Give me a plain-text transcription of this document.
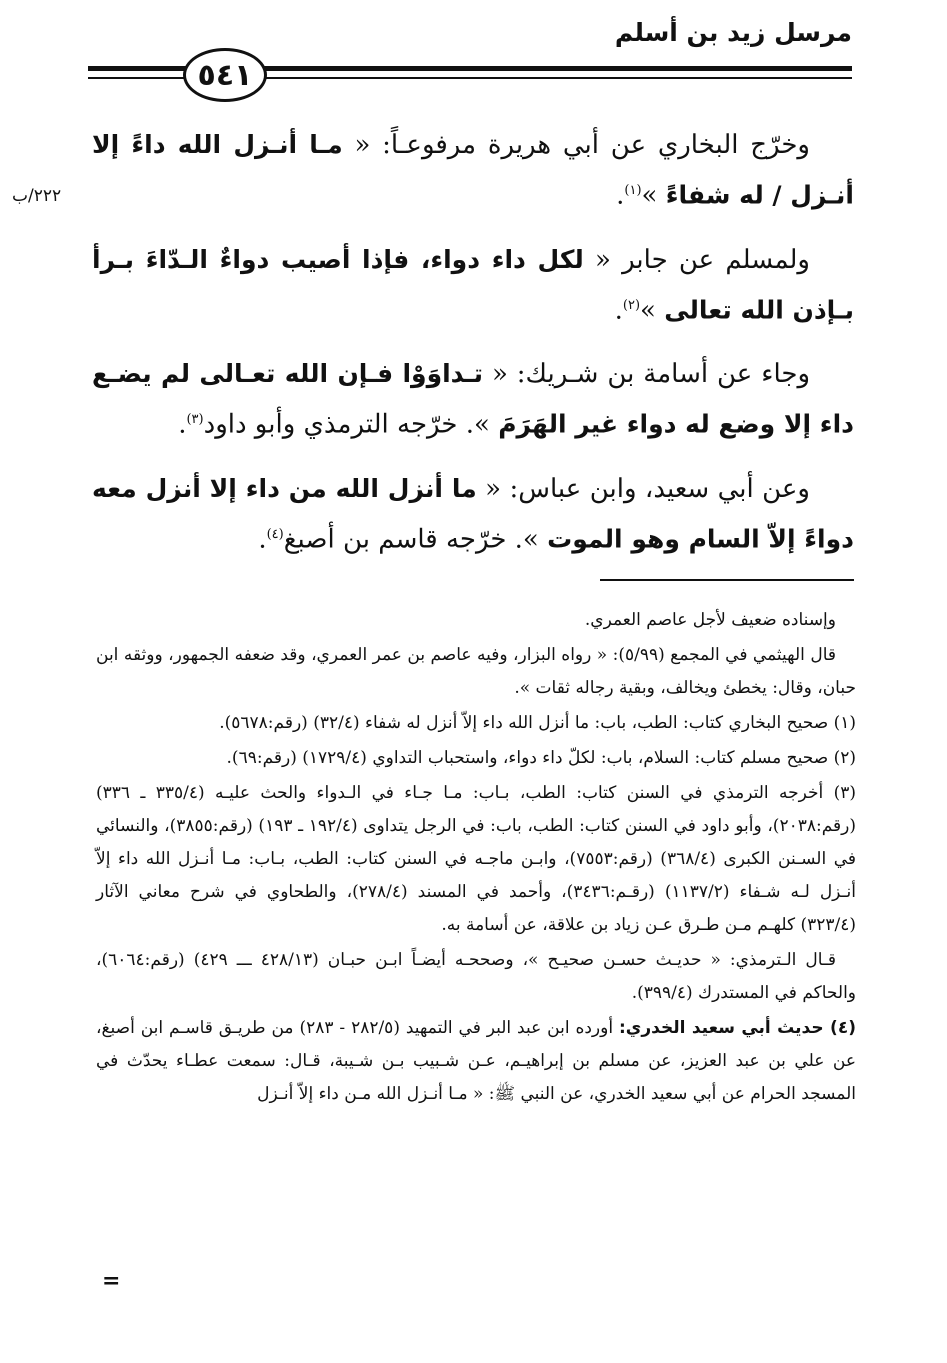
مرسل زيد بن أسلم
٥٤١
٢٢٢/ب

وخرّج البخاري عن أبي هريرة مرفوعـاً: « مـا أنـزل الله داءً إلا أنـزل / له شفاءً »$^{(١)}$.

ولمسلم عن جابر « لكل داء دواء، فإذا أصيب دواءٌ الـدّاءَ بـرأ بـإذن الله تعالى »$^{(٢)}$.

وجاء عن أسامة بن شـريك: « تـداوَوْا فـإن الله تعـالى لم يضـع داء إلا وضع له دواء غير الهَرَمَ ». خرّجه الترمذي وأبو داود$^{(٣)}$.

وعن أبي سعيد، وابن عباس: « ما أنزل الله من داء إلا أنزل معه دواءً إلاّ السام وهو الموت ». خرّجه قاسم بن أصبغ$^{(٤)}$.

وإسناده ضعيف لأجل عاصم العمري.

قال الهيثمي في المجمع (٥/٩٩): « رواه البزار، وفيه عاصم بن عمر العمري، وقد ضعفه الجمهور، ووثقه ابن حبان، وقال: يخطئ ويخالف، وبقية رجاله ثقات ».

(١) صحيح البخاري كتاب: الطب، باب: ما أنزل الله داء إلاّ أنزل له شفاء (٣٢/٤) (رقم:٥٦٧٨).

(٢) صحيح مسلم كتاب: السلام، باب: لكلّ داء دواء، واستحباب التداوي (١٧٢٩/٤) (رقم:٦٩).

(٣) أخرجه الترمذي في السنن كتاب: الطب، بـاب: مـا جـاء في الـدواء والحث عليـه (٣٣٥/٤ ـ ٣٣٦) (رقم:٢٠٣٨)، وأبو داود في السنن كتاب: الطب، باب: في الرجل يتداوى (١٩٢/٤ ـ ١٩٣) (رقم:٣٨٥٥)، والنسائي في السـنن الكبرى (٣٦٨/٤) (رقم:٧٥٥٣)، وابـن ماجـه في السنن كتاب: الطب، بـاب: مـا أنـزل الله داء إلاّ أنـزل لـه شـفاء (١١٣٧/٢) (رقـم:٣٤٣٦)، وأحمد في المسند (٢٧٨/٤)، والطحاوي في شرح معاني الآثار (٣٢٣/٤) كلهـم مـن طـرق عـن زياد بن علاقة، عن أسامة به.

قـال الـترمذي: « حديـث حسـن صحيـح »، وصححـه أيضـاً ابـن حبـان (٤٢٨/١٣ ـــ ٤٢٩) (رقم:٦٠٦٤)، والحاكم في المستدرك (٣٩٩/٤).

(٤) حديث أبي سعيد الخدري: أورده ابن عبد البر في التمهيد (٢٨٢/٥ - ٢٨٣) من طريـق قاسـم ابن أصبغ، عن علي بن عبد العزيز، عن مسلم بن إبراهيـم، عـن شـبيب بـن شـيبة، قـال: سمعت عطـاء يحدّث في المسجد الحرام عن أبي سعيد الخدري، عن النبي ﷺ: « مـا أنـزل الله مـن داء إلاّ أنـزل

=
